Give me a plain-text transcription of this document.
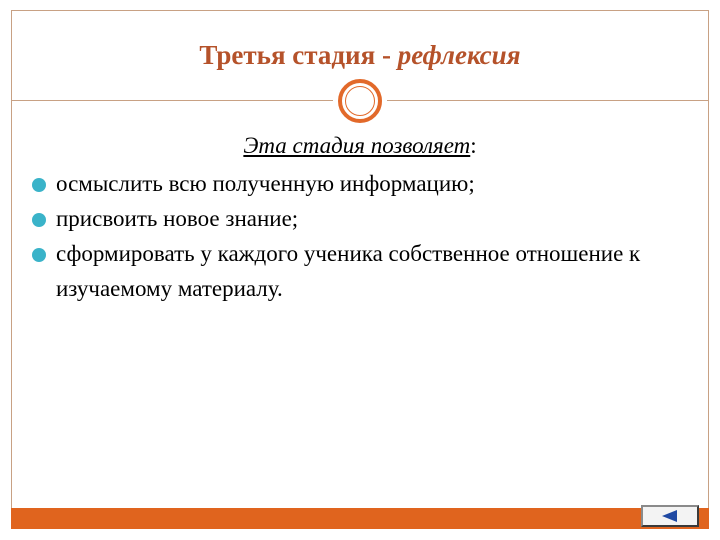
Третья стадия - рефлексия
Эта стадия позволяет:
осмыслить всю полученную информацию;
присвоить новое знание;
сформировать у каждого ученика собственное отношение к изучаемому материалу.
